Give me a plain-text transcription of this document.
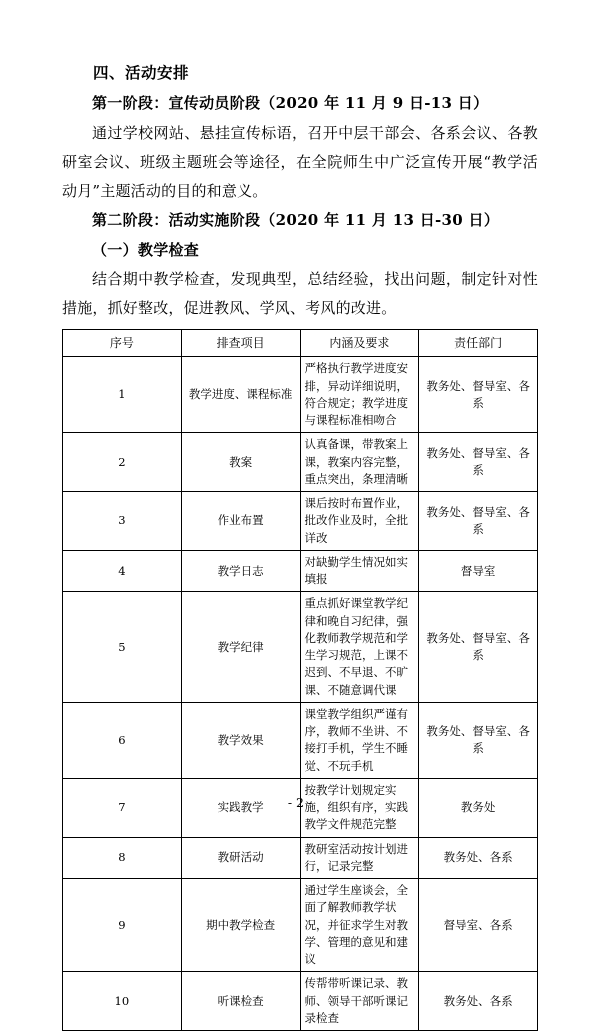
四、活动安排

第一阶段：宣传动员阶段（2020 年 11 月 9 日-13 日）

通过学校网站、悬挂宣传标语，召开中层干部会、各系会议、各教研室会议、班级主题班会等途径，在全院师生中广泛宣传开展“教学活动月”主题活动的目的和意义。

第二阶段：活动实施阶段（2020 年 11 月 13 日-30 日）

（一）教学检查

结合期中教学检查，发现典型，总结经验，找出问题，制定针对性措施，抓好整改，促进教风、学风、考风的改进。

序号	排查项目	内涵及要求	责任部门
1	教学进度、课程标准	严格执行教学进度安排，异动详细说明，符合规定；教学进度与课程标准相吻合	教务处、督导室、各系
2	教案	认真备课，带教案上课，教案内容完整，重点突出，条理清晰	教务处、督导室、各系
3	作业布置	课后按时布置作业，批改作业及时，全批详改	教务处、督导室、各系
4	教学日志	对缺勤学生情况如实填报	督导室
5	教学纪律	重点抓好课堂教学纪律和晚自习纪律，强化教师教学规范和学生学习规范，上课不迟到、不早退、不旷课、不随意调代课	教务处、督导室、各系
6	教学效果	课堂教学组织严谨有序，教师不坐讲、不接打手机，学生不睡觉、不玩手机	教务处、督导室、各系
7	实践教学	按教学计划规定实施，组织有序，实践教学文件规范完整	教务处
8	教研活动	教研室活动按计划进行，记录完整	教务处、各系
9	期中教学检查	通过学生座谈会，全面了解教师教学状况，并征求学生对教学、管理的意见和建议	督导室、各系
10	听课检查	传帮带听课记录、教师、领导干部听课记录检查	教务处、各系
- 2 -
